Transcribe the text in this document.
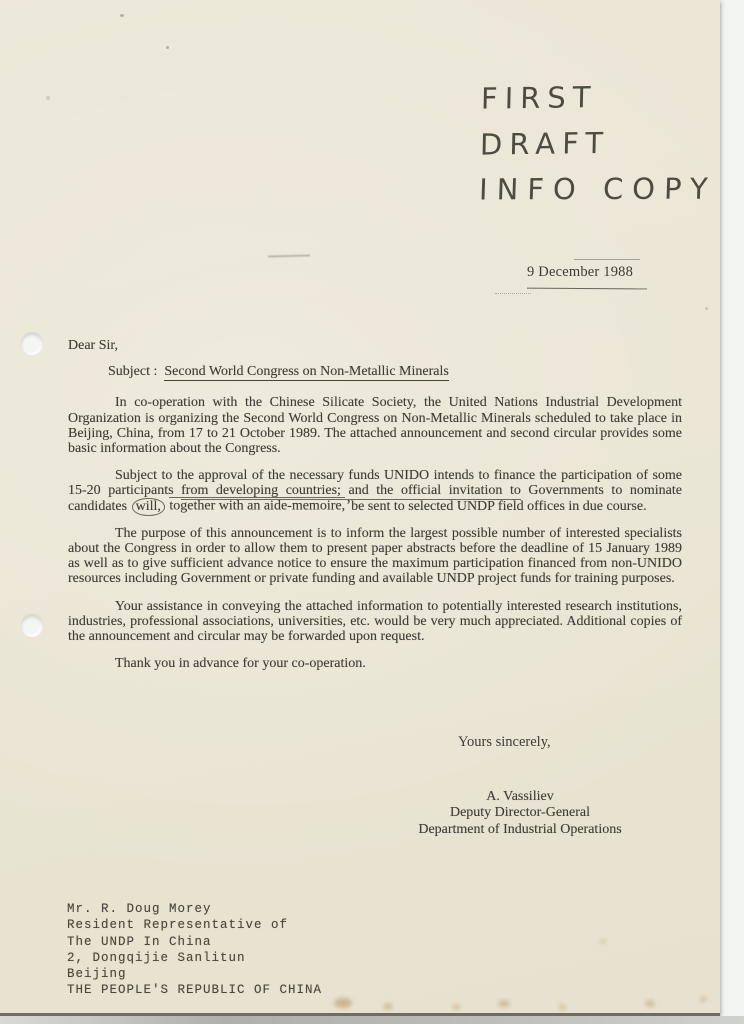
FIRST DRAFT
INFO COPY
9 December 1988

Dear Sir,

Subject : Second World Congress on Non-Metallic Minerals

In co-operation with the Chinese Silicate Society, the United Nations Industrial Development Organization is organizing the Second World Congress on Non-Metallic Minerals scheduled to take place in Beijing, China, from 17 to 21 October 1989. The attached announcement and second circular provides some basic information about the Congress.

Subject to the approval of the necessary funds UNIDO intends to finance the participation of some 15-20 participants from developing countries; and the official invitation to Governments to nominate candidates will, together with an aide-memoire,ʼbe sent to selected UNDP field offices in due course.

The purpose of this announcement is to inform the largest possible number of interested specialists about the Congress in order to allow them to present paper abstracts before the deadline of 15 January 1989 as well as to give sufficient advance notice to ensure the maximum participation financed from non-UNIDO resources including Government or private funding and available UNDP project funds for training purposes.

Your assistance in conveying the attached information to potentially interested research institutions, industries, professional associations, universities, etc. would be very much appreciated. Additional copies of the announcement and circular may be forwarded upon request.

Thank you in advance for your co-operation.

Yours sincerely,
A. Vassiliev
Deputy Director-General
Department of Industrial Operations
Mr. R. Doug Morey
Resident Representative of
The UNDP In China
2, Dongqijie Sanlitun
Beijing
THE PEOPLE'S REPUBLIC OF CHINA
